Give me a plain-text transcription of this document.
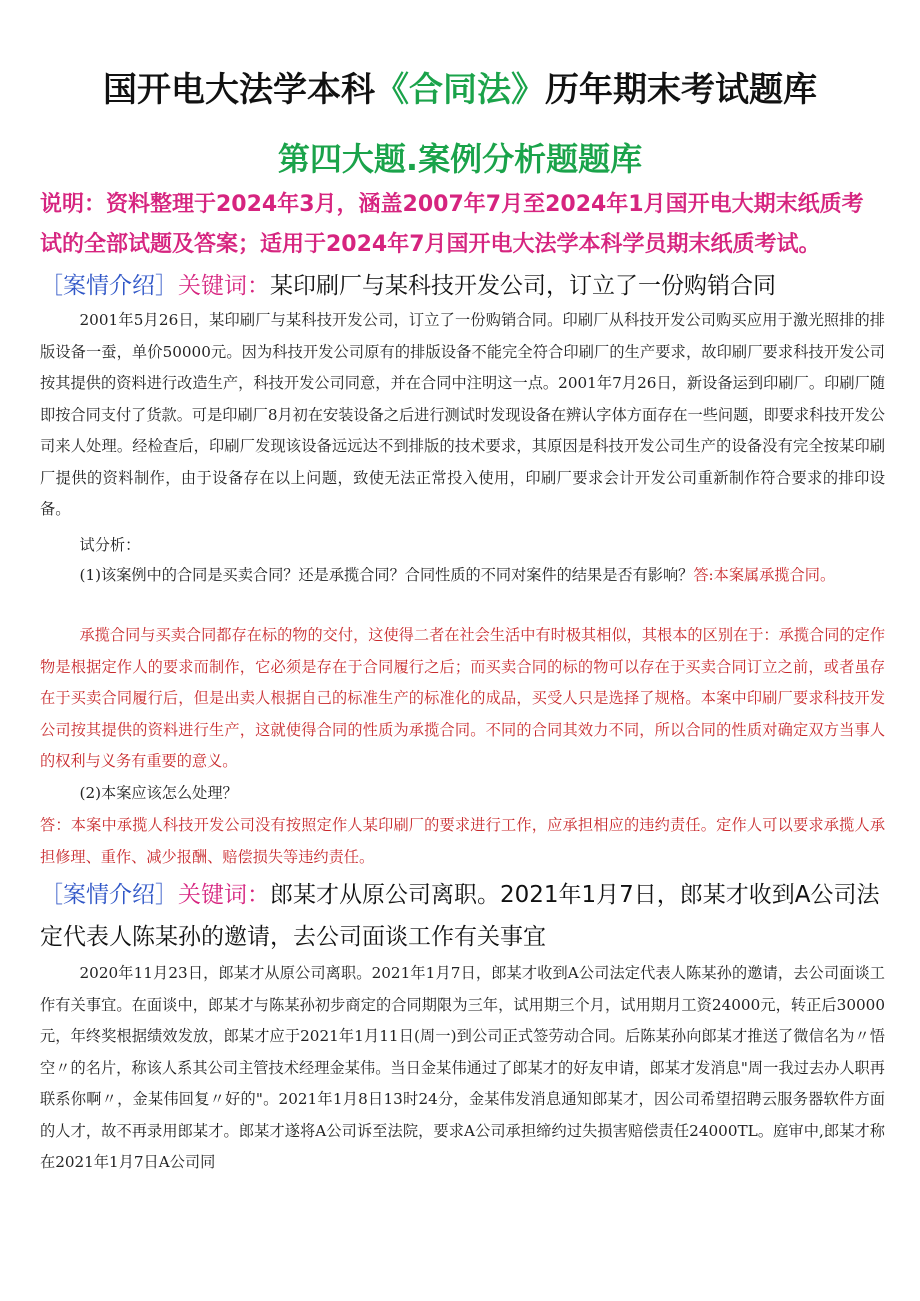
国开电大法学本科《合同法》历年期末考试题库
第四大题.案例分析题题库

说明：资料整理于2024年3月，涵盖2007年7月至2024年1月国开电大期末纸质考试的全部试题及答案；适用于2024年7月国开电大法学本科学员期末纸质考试。

［案情介绍］关键词：某印刷厂与某科技开发公司，订立了一份购销合同

2001年5月26日，某印刷厂与某科技开发公司，订立了一份购销合同。印刷厂从科技开发公司购买应用于激光照排的排版设备一蚕，单价50000元。因为科技开发公司原有的排版设备不能完全符合印刷厂的生产要求，故印刷厂要求科技开发公司按其提供的资料进行改造生产，科技开发公司同意，并在合同中注明这一点。2001年7月26日，新设备运到印刷厂。印刷厂随即按合同支付了货款。可是印刷厂8月初在安装设备之后进行测试时发现设备在辨认字体方面存在一些问题，即要求科技开发公司来人处理。经检查后，印刷厂发现该设备远远达不到排版的技术要求，其原因是科技开发公司生产的设备没有完全按某印刷厂提供的资料制作，由于设备存在以上问题，致使无法正常投入使用，印刷厂要求会计开发公司重新制作符合要求的排印设备。

试分析：

(1)该案例中的合同是买卖合同？还是承揽合同？合同性质的不同对案件的结果是否有影响？答:本案属承揽合同。

承揽合同与买卖合同都存在标的物的交付，这使得二者在社会生活中有时极其相似，其根本的区别在于：承揽合同的定作物是根据定作人的要求而制作，它必须是存在于合同履行之后；而买卖合同的标的物可以存在于买卖合同订立之前，或者虽存在于买卖合同履行后，但是出卖人根据自己的标准生产的标准化的成品，买受人只是选择了规格。本案中印刷厂要求科技开发公司按其提供的资料进行生产，这就使得合同的性质为承揽合同。不同的合同其效力不同，所以合同的性质对确定双方当事人的权利与义务有重要的意义。

(2)本案应该怎么处理？

答：本案中承揽人科技开发公司没有按照定作人某印刷厂的要求进行工作，应承担相应的违约责任。定作人可以要求承揽人承担修理、重作、减少报酬、赔偿损失等违约责任。

［案情介绍］关键词：郎某才从原公司离职。2021年1月7日，郎某才收到A公司法定代表人陈某孙的邀请，去公司面谈工作有关事宜

2020年11月23日，郎某才从原公司离职。2021年1月7日，郎某才收到A公司法定代表人陈某孙的邀请，去公司面谈工作有关事宜。在面谈中，郎某才与陈某孙初步商定的合同期限为三年，试用期三个月，试用期月工资24000元，转正后30000元，年终奖根据绩效发放，郎某才应于2021年1月11日(周一)到公司正式签劳动合同。后陈某孙向郎某才推送了微信名为〃悟空〃的名片，称该人系其公司主管技术经理金某伟。当日金某伟通过了郎某才的好友申请，郎某才发消息"周一我过去办人职再联系你啊〃，金某伟回复〃好的"。2021年1月8日13时24分，金某伟发消息通知郎某才，因公司希望招聘云服务器软件方面的人才，故不再录用郎某才。郎某才遂将A公司诉至法院，要求A公司承担缔约过失损害赔偿责任24000TL。庭审中,郎某才称在2021年1月7日A公司同
